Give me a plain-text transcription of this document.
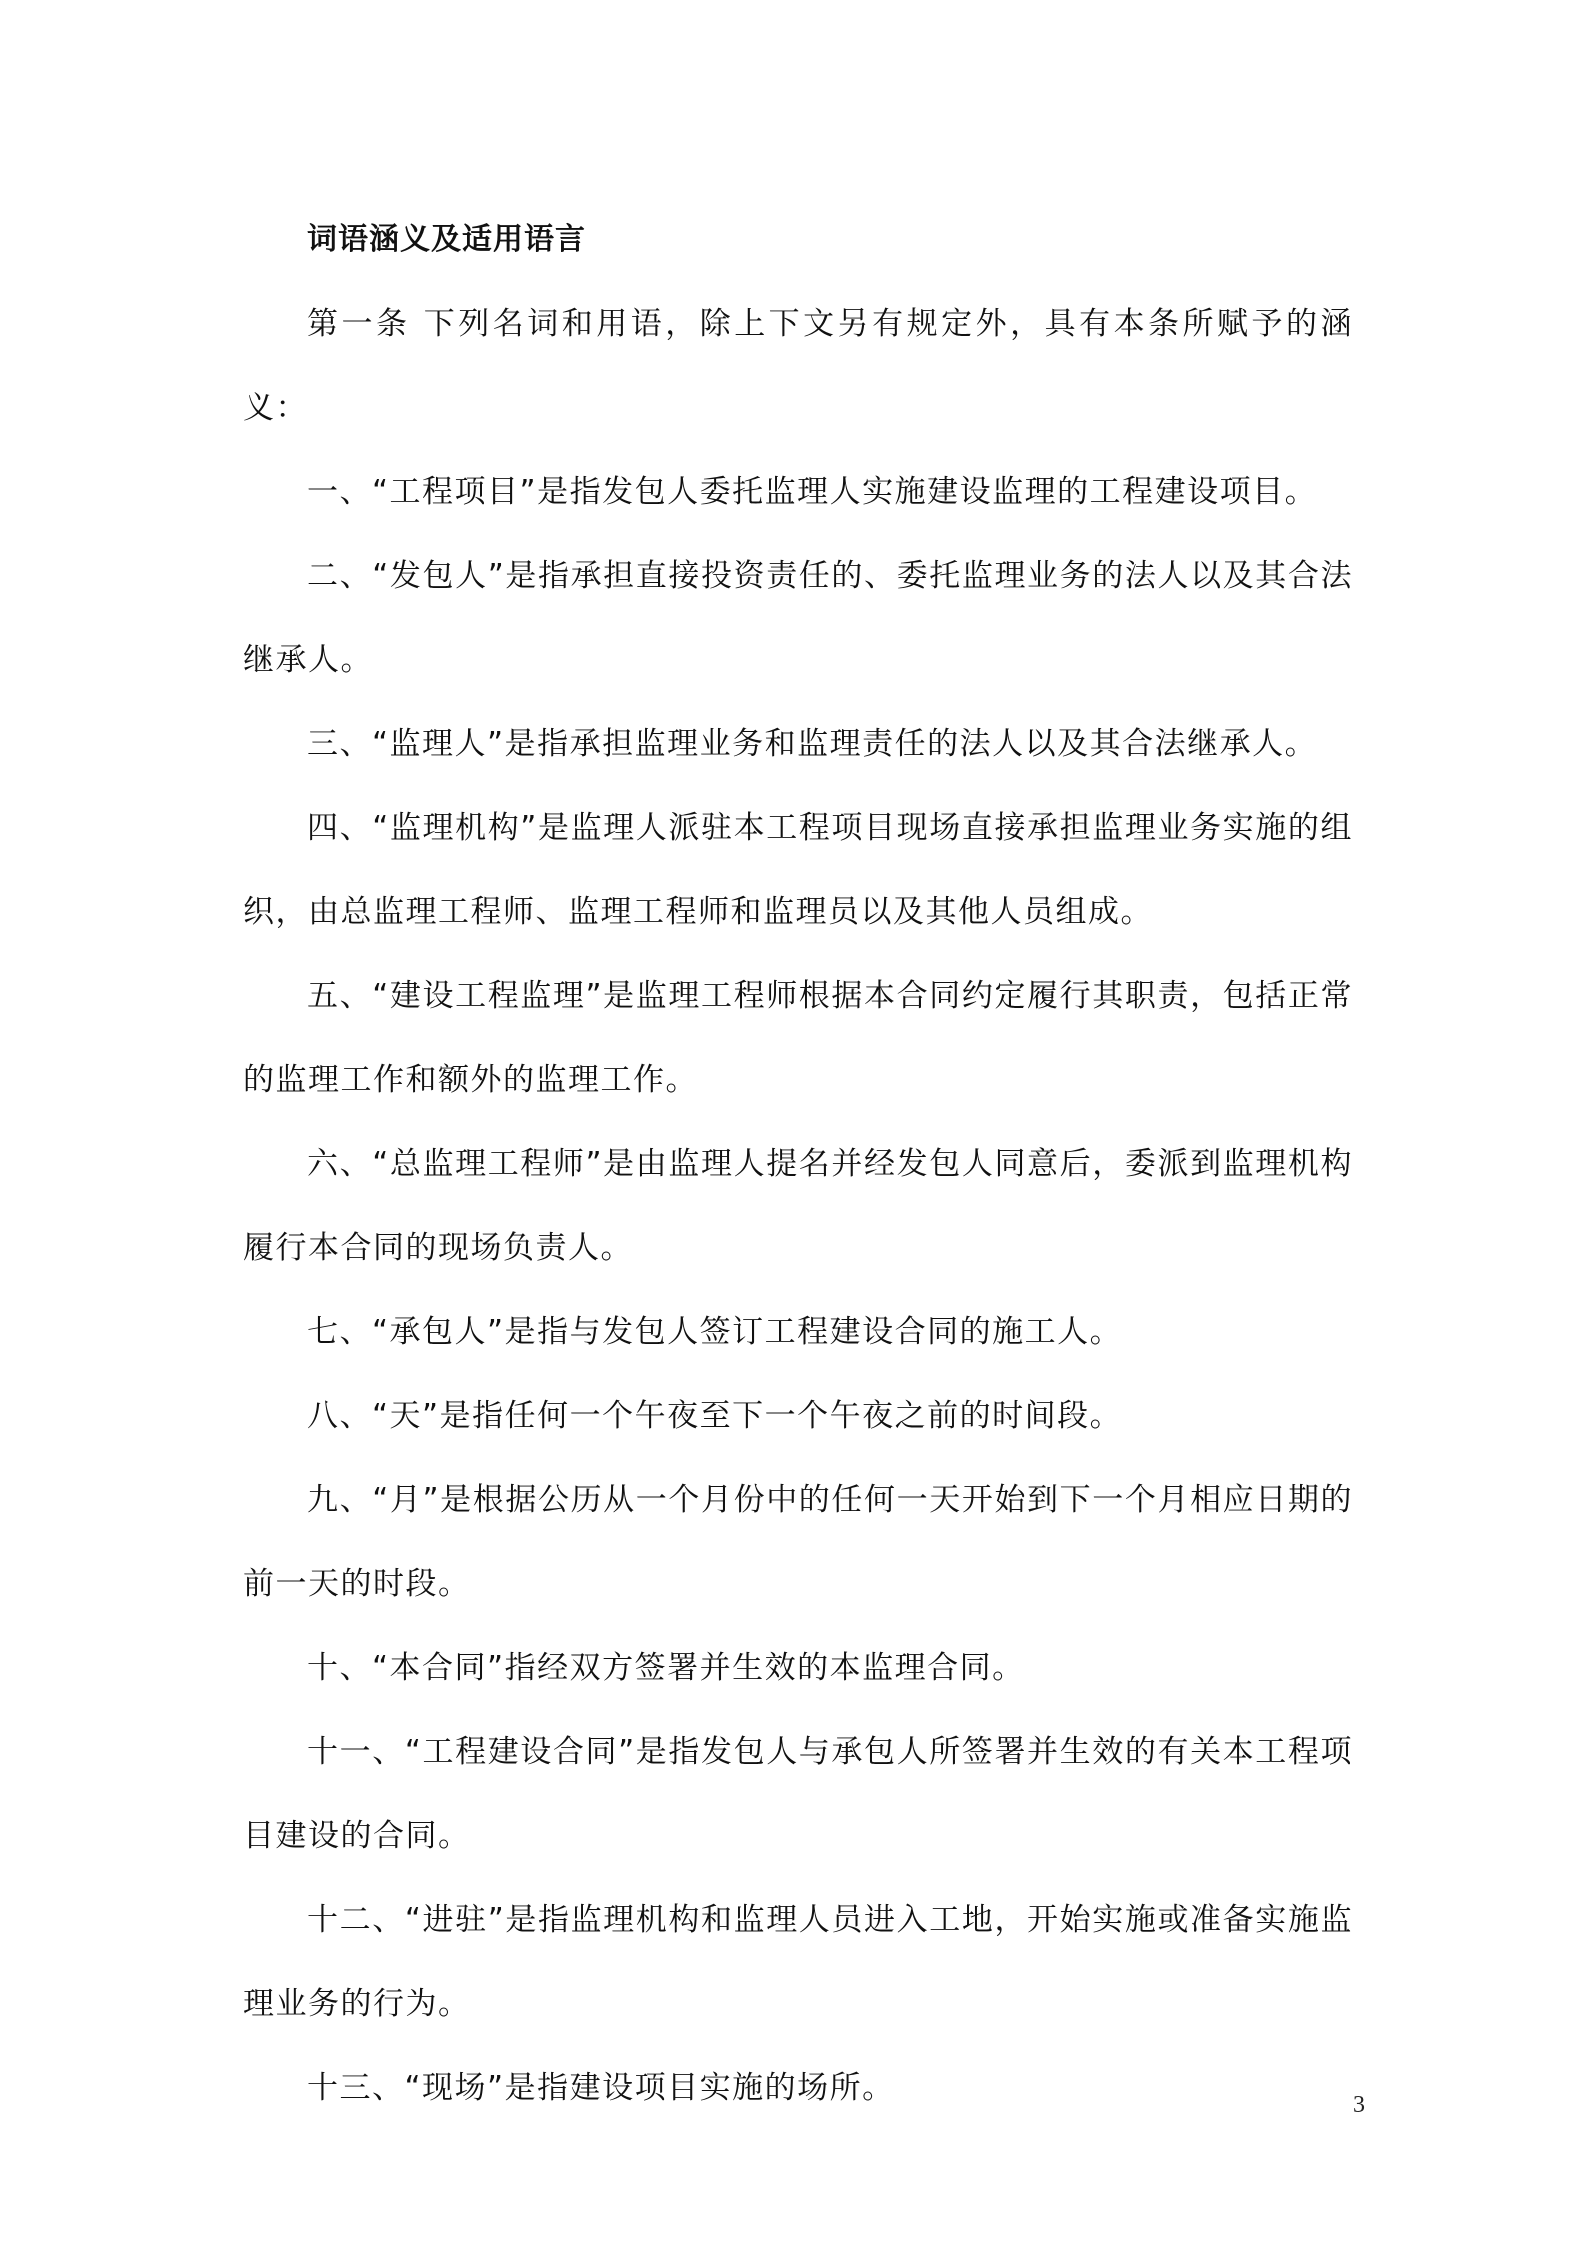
词语涵义及适用语言

第一条 下列名词和用语，除上下文另有规定外，具有本条所赋予的涵义：

一、“工程项目”是指发包人委托监理人实施建设监理的工程建设项目。

二、“发包人”是指承担直接投资责任的、委托监理业务的法人以及其合法继承人。

三、“监理人”是指承担监理业务和监理责任的法人以及其合法继承人。

四、“监理机构”是监理人派驻本工程项目现场直接承担监理业务实施的组织，由总监理工程师、监理工程师和监理员以及其他人员组成。

五、“建设工程监理”是监理工程师根据本合同约定履行其职责，包括正常的监理工作和额外的监理工作。

六、“总监理工程师”是由监理人提名并经发包人同意后，委派到监理机构履行本合同的现场负责人。

七、“承包人”是指与发包人签订工程建设合同的施工人。

八、“天”是指任何一个午夜至下一个午夜之前的时间段。

九、“月”是根据公历从一个月份中的任何一天开始到下一个月相应日期的前一天的时段。

十、“本合同”指经双方签署并生效的本监理合同。

十一、“工程建设合同”是指发包人与承包人所签署并生效的有关本工程项目建设的合同。

十二、“进驻”是指监理机构和监理人员进入工地，开始实施或准备实施监理业务的行为。

十三、“现场”是指建设项目实施的场所。	3
